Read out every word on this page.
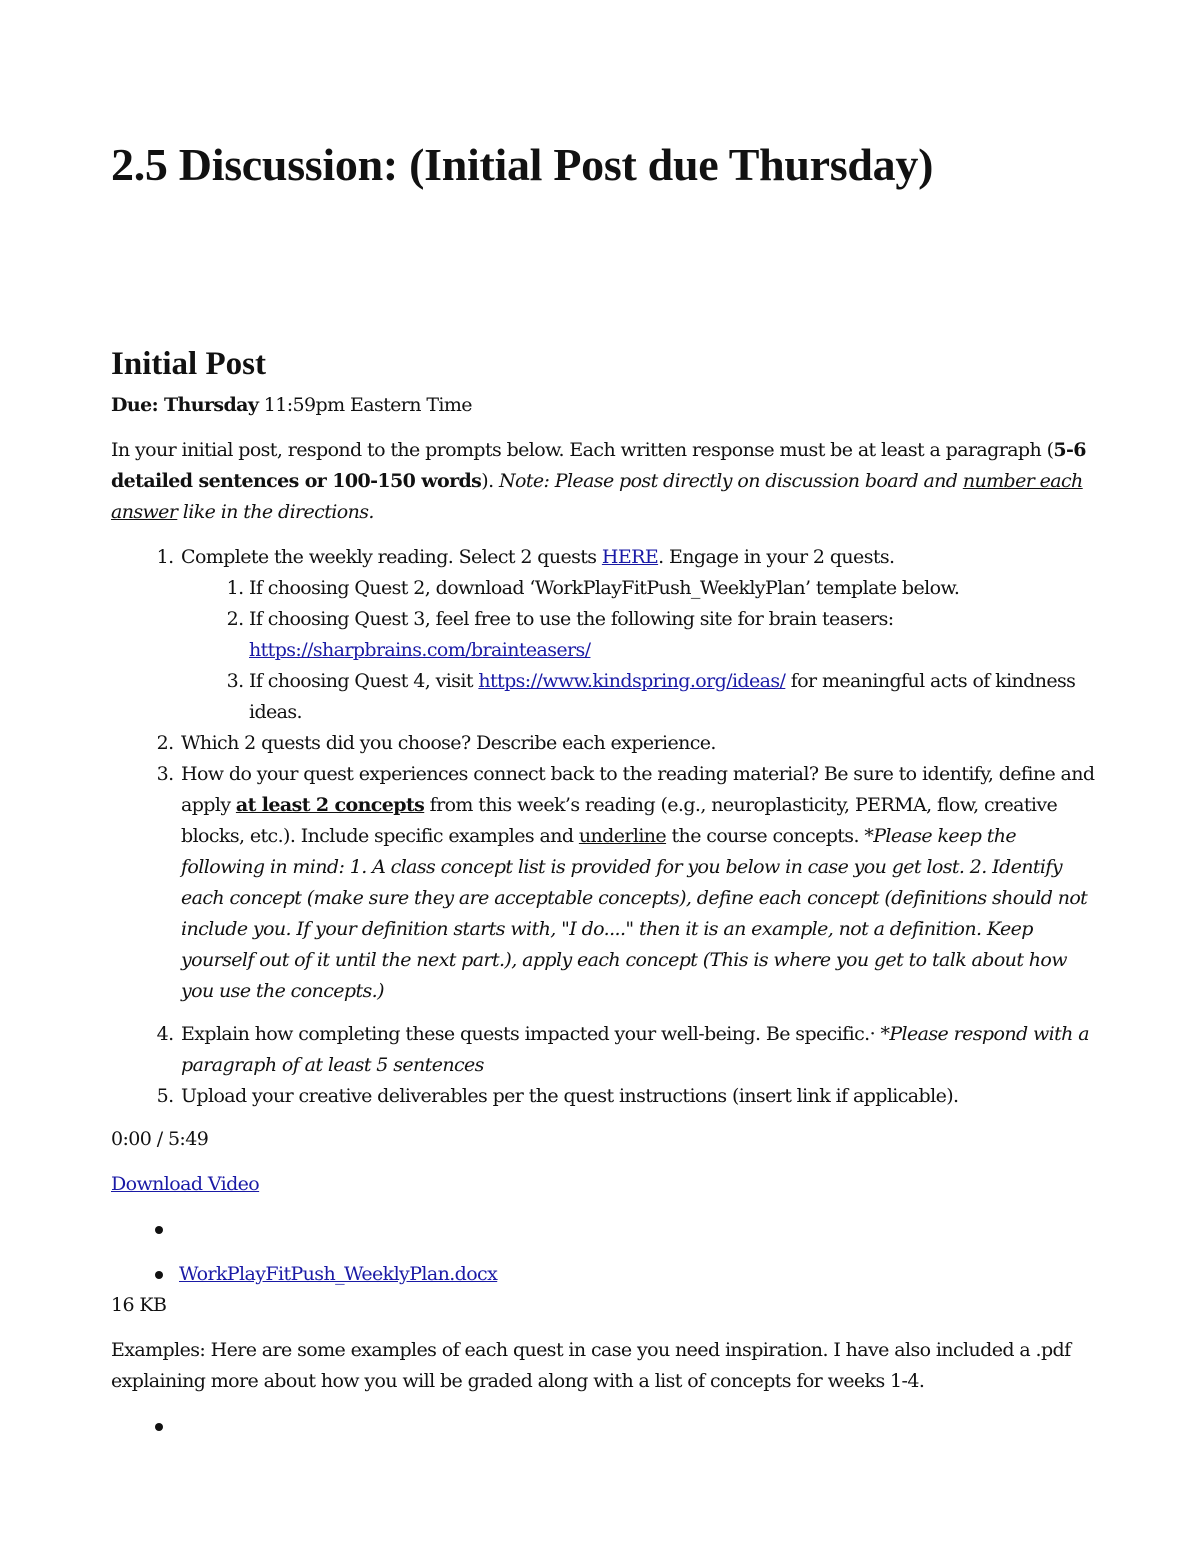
2.5 Discussion: (Initial Post due Thursday)
Initial Post

Due: Thursday 11:59pm Eastern Time

In your initial post, respond to the prompts below. Each written response must be at least a paragraph (5-6 detailed sentences or 100-150 words). Note: Please post directly on discussion board and number each answer like in the directions.

1. Complete the weekly reading. Select 2 quests HERE. Engage in your 2 quests.
1. If choosing Quest 2, download ‘WorkPlayFitPush_WeeklyPlan’ template below.
2. If choosing Quest 3, feel free to use the following site for brain teasers: https://sharpbrains.com/brainteasers/
3. If choosing Quest 4, visit https://www.kindspring.org/ideas/ for meaningful acts of kindness ideas.
2. Which 2 quests did you choose? Describe each experience.
3. How do your quest experiences connect back to the reading material? Be sure to identify, define and apply at least 2 concepts from this week’s reading (e.g., neuroplasticity, PERMA, flow, creative blocks, etc.). Include specific examples and underline the course concepts. *Please keep the following in mind: 1. A class concept list is provided for you below in case you get lost. 2. Identify each concept (make sure they are acceptable concepts), define each concept (definitions should not include you. If your definition starts with, "I do...." then it is an example, not a definition. Keep yourself out of it until the next part.), apply each concept (This is where you get to talk about how you use the concepts.)
4. Explain how completing these quests impacted your well-being. Be specific.· *Please respond with a paragraph of at least 5 sentences
5. Upload your creative deliverables per the quest instructions (insert link if applicable).

0:00 / 5:49

Download Video

WorkPlayFitPush_WeeklyPlan.docx

16 KB

Examples: Here are some examples of each quest in case you need inspiration. I have also included a .pdf explaining more about how you will be graded along with a list of concepts for weeks 1-4.
